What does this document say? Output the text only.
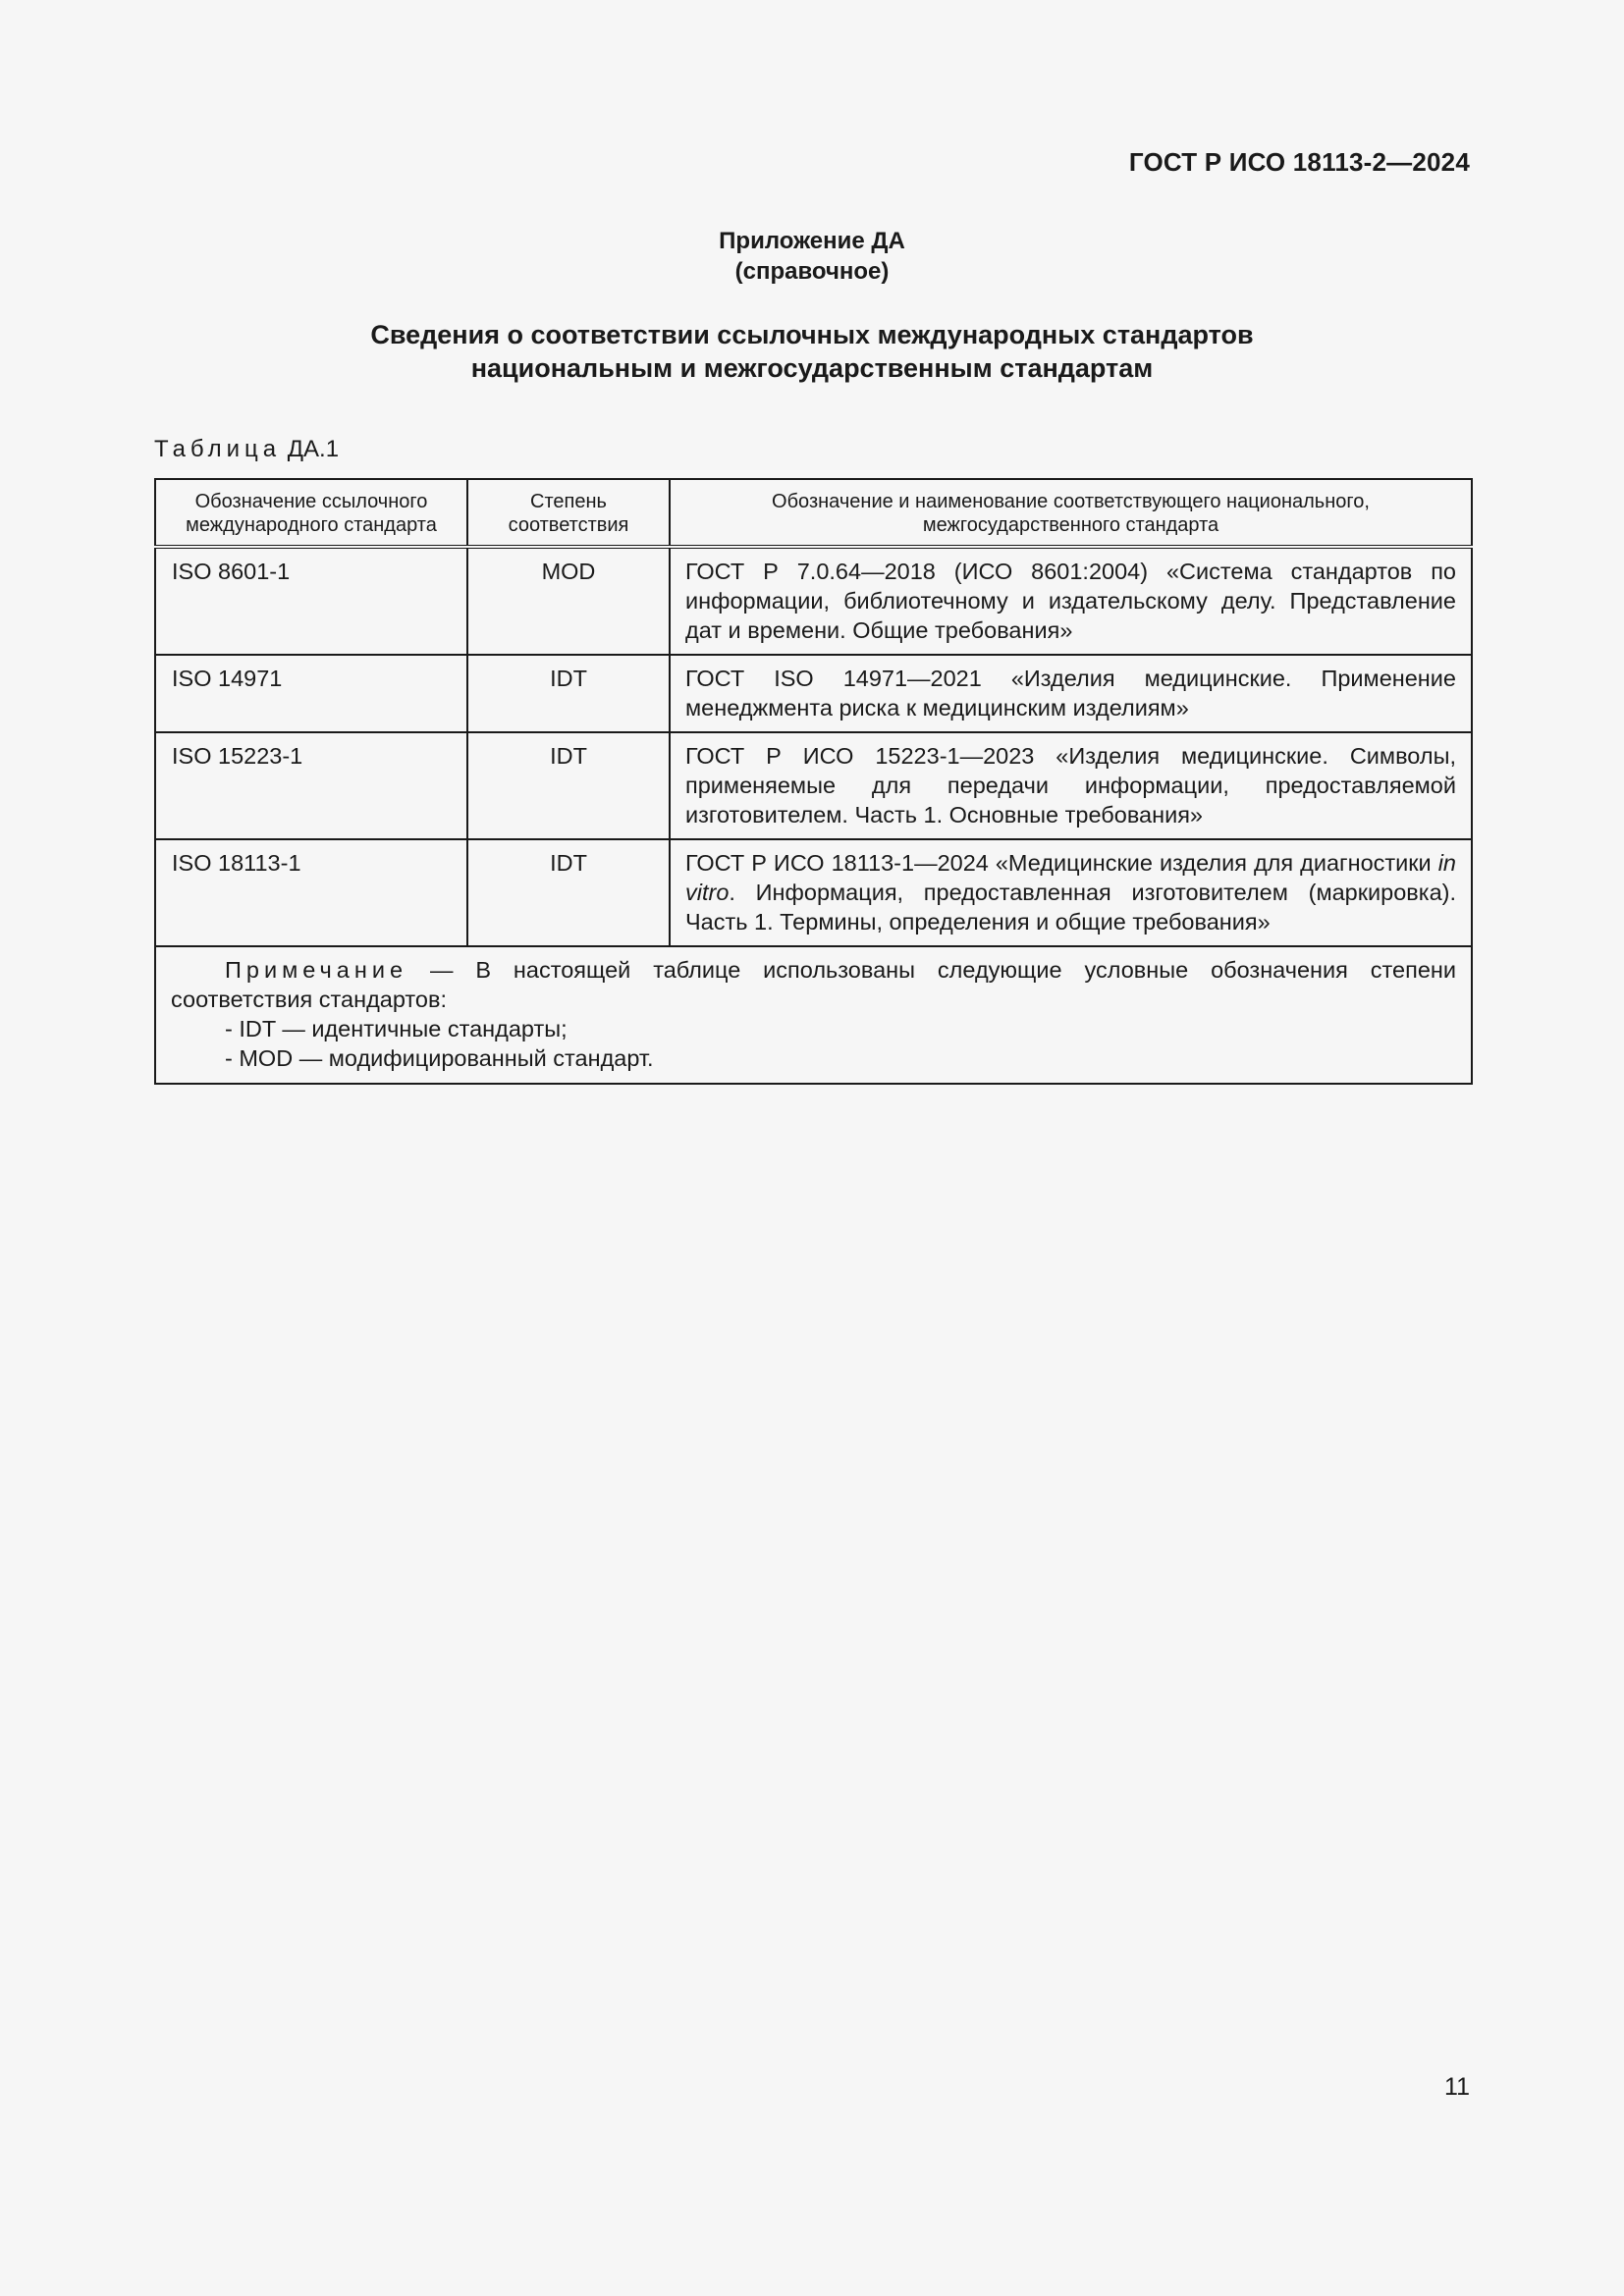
ГОСТ Р ИСО 18113-2—2024
Приложение ДА
(справочное)
Сведения о соответствии ссылочных международных стандартов
национальным и межгосударственным стандартам
Таблица ДА.1
Обозначение ссылочного международного стандарта	Степень соответствия	Обозначение и наименование соответствующего национального, межгосударственного стандарта
ISO 8601-1	MOD	ГОСТ Р 7.0.64—2018 (ИСО 8601:2004) «Система стандартов по информации, библиотечному и издательскому делу. Представление дат и времени. Общие требования»
ISO 14971	IDT	ГОСТ ISO 14971—2021 «Изделия медицинские. Применение менеджмента риска к медицинским изделиям»
ISO 15223-1	IDT	ГОСТ Р ИСО 15223-1—2023 «Изделия медицинские. Символы, применяемые для передачи информации, предоставляемой изготовителем. Часть 1. Основные требования»
ISO 18113-1	IDT	ГОСТ Р ИСО 18113-1—2024 «Медицинские изделия для диагностики in vitro. Информация, предоставленная изготовителем (маркировка). Часть 1. Термины, определения и общие требования»

Примечание — В настоящей таблице использованы следующие условные обозначения степени соответствия стандартов:
- IDT — идентичные стандарты;
- MOD — модифицированный стандарт.		
11
